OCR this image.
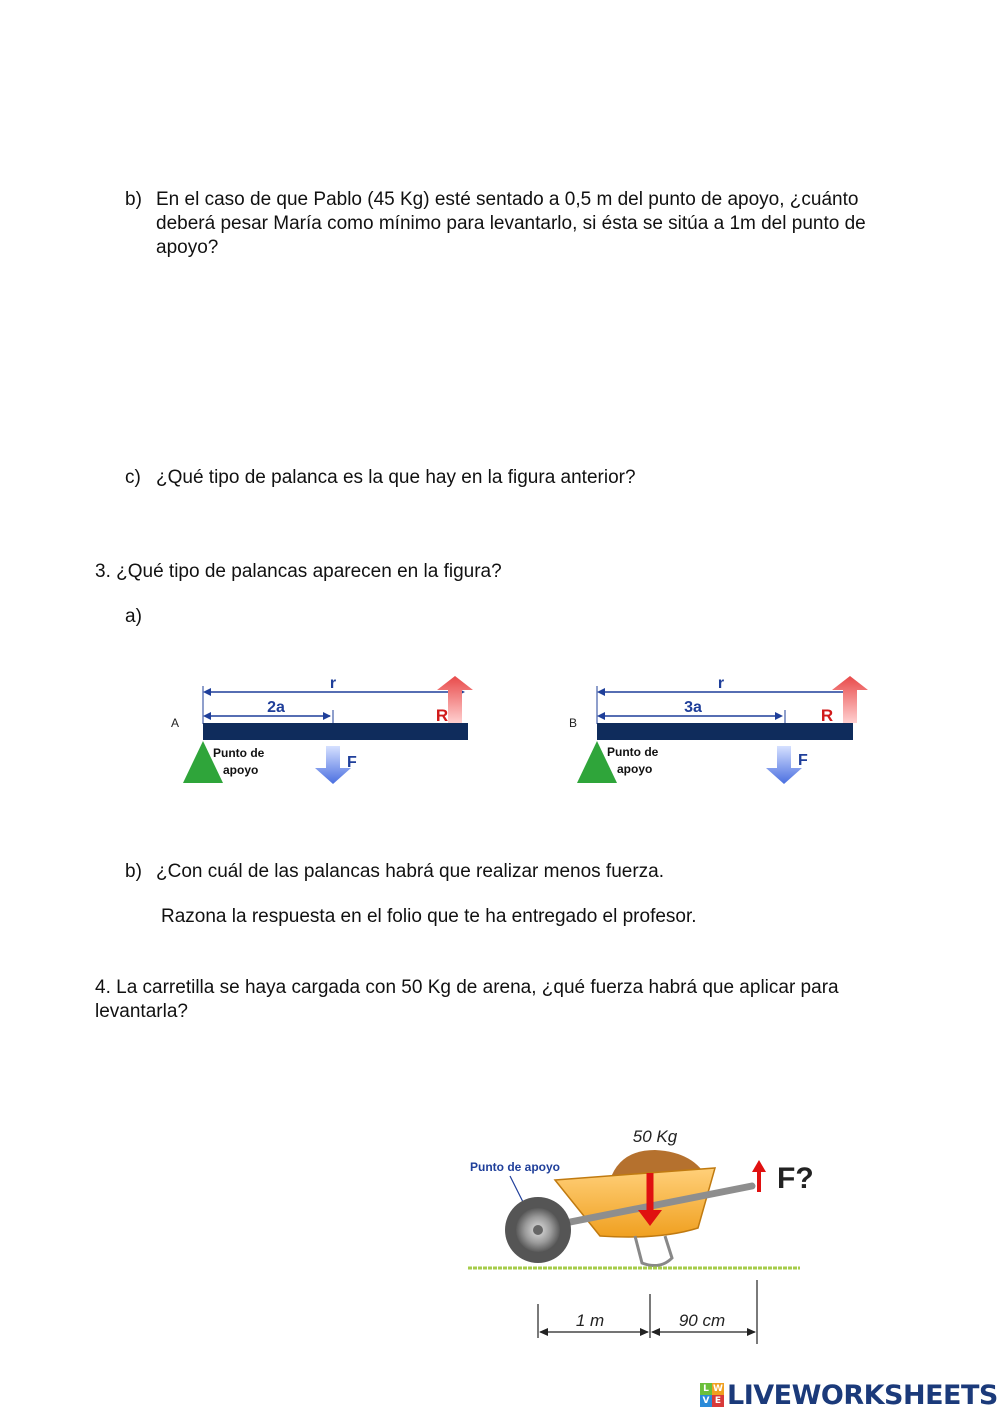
b) En el caso de que Pablo (45 Kg) esté sentado a 0,5 m del punto de apoyo, ¿cuánto deberá pesar María como mínimo para levantarlo, si ésta se sitúa a 1m del punto de apoyo?
c) ¿Qué tipo de palanca es la que hay en la figura anterior?
3. ¿Qué tipo de palancas aparecen en la figura?
a)
A
r
2a	R
Punto de
apoyo	F
B
r
3a	R
Punto de
apoyo	F
b) ¿Con cuál de las palancas habrá que realizar menos fuerza.
Razona la respuesta en el folio que te ha entregado el profesor.
4. La carretilla se haya cargada con 50 Kg de arena, ¿qué fuerza habrá que aplicar para levantarla?
50 Kg
Punto de apoyo	F?
1 m	90 cm
L W
V E LIVEWORKSHEETS
